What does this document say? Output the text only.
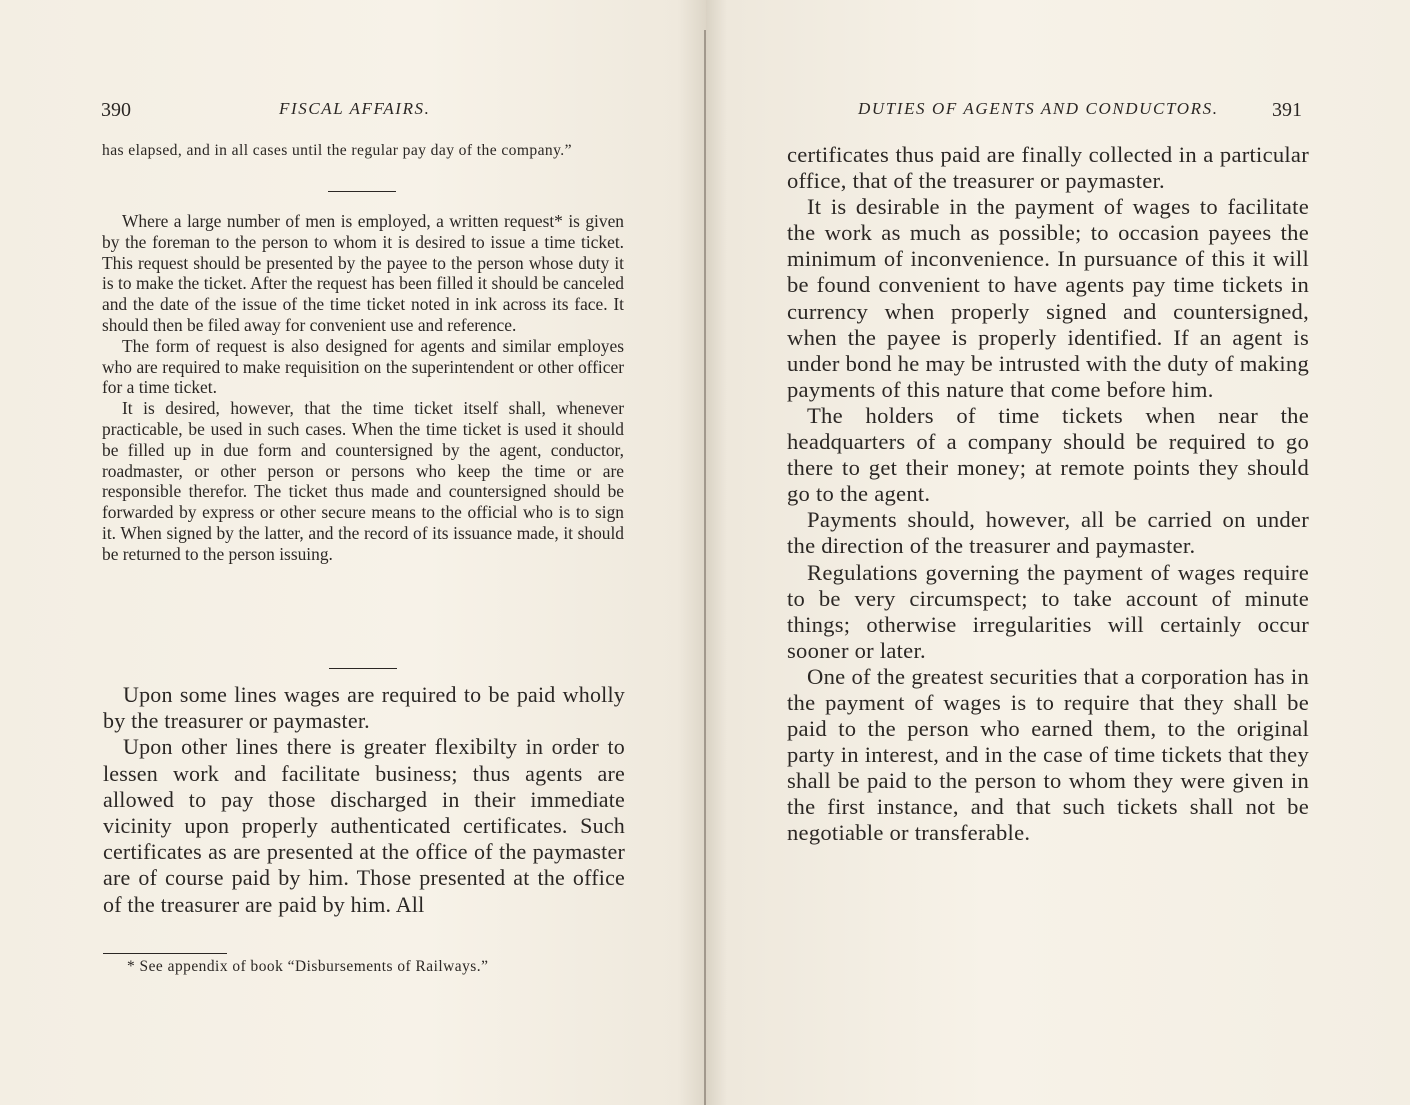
390	FISCAL AFFAIRS.

has elapsed, and in all cases until the regular pay day of the company.”

Where a large number of men is employed, a written request* is given by the foreman to the person to whom it is desired to issue a time ticket. This request should be presented by the payee to the person whose duty it is to make the ticket. After the request has been filled it should be canceled and the date of the issue of the time ticket noted in ink across its face. It should then be filed away for convenient use and reference.

The form of request is also designed for agents and similar employes who are required to make requisition on the superintendent or other officer for a time ticket.

It is desired, however, that the time ticket itself shall, whenever practicable, be used in such cases. When the time ticket is used it should be filled up in due form and countersigned by the agent, conductor, roadmaster, or other person or persons who keep the time or are responsible therefor. The ticket thus made and countersigned should be forwarded by express or other secure means to the official who is to sign it. When signed by the latter, and the record of its issuance made, it should be returned to the person issuing.

Upon some lines wages are required to be paid wholly by the treasurer or paymaster.

Upon other lines there is greater flexibilty in order to lessen work and facilitate business; thus agents are allowed to pay those discharged in their immediate vicinity upon properly authenticated certificates. Such certificates as are presented at the office of the paymaster are of course paid by him. Those presented at the office of the treasurer are paid by him. All

* See appendix of book “Disbursements of Railways.”
DUTIES OF AGENTS AND CONDUCTORS.	391

certificates thus paid are finally collected in a particular office, that of the treasurer or paymaster.

It is desirable in the payment of wages to facilitate the work as much as possible; to occasion payees the minimum of inconvenience. In pursuance of this it will be found convenient to have agents pay time tickets in currency when properly signed and countersigned, when the payee is properly identified. If an agent is under bond he may be intrusted with the duty of making payments of this nature that come before him.

The holders of time tickets when near the headquarters of a company should be required to go there to get their money; at remote points they should go to the agent.

Payments should, however, all be carried on under the direction of the treasurer and paymaster.

Regulations governing the payment of wages require to be very circumspect; to take account of minute things; otherwise irregularities will certainly occur sooner or later.

One of the greatest securities that a corporation has in the payment of wages is to require that they shall be paid to the person who earned them, to the original party in interest, and in the case of time tickets that they shall be paid to the person to whom they were given in the first instance, and that such tickets shall not be negotiable or transferable.
